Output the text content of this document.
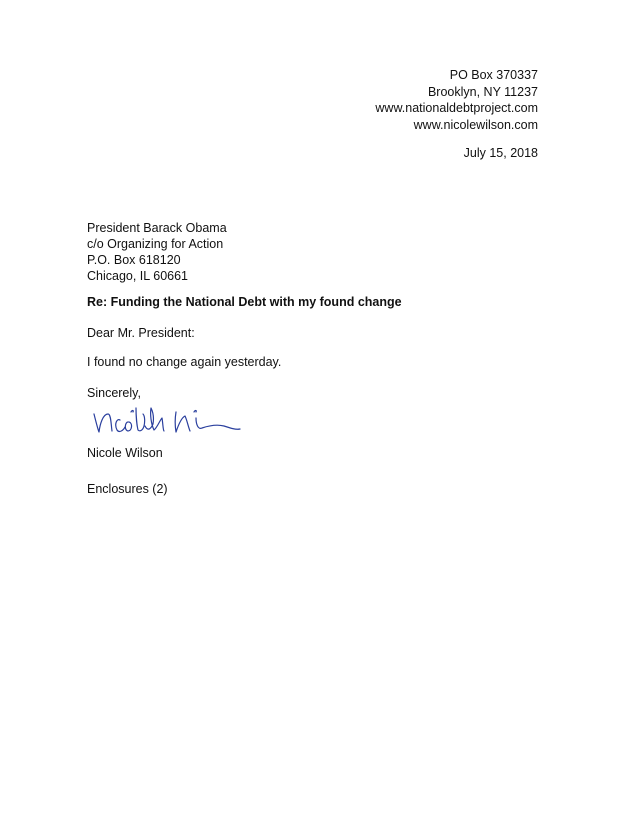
PO Box 370337
Brooklyn, NY 11237
www.nationaldebtproject.com
www.nicolewilson.com
July 15, 2018
President Barack Obama
c/o Organizing for Action
P.O. Box 618120
Chicago, IL 60661
Re: Funding the National Debt with my found change
Dear Mr. President:
I found no change again yesterday.
Sincerely,
Nicole Wilson
Enclosures (2)
